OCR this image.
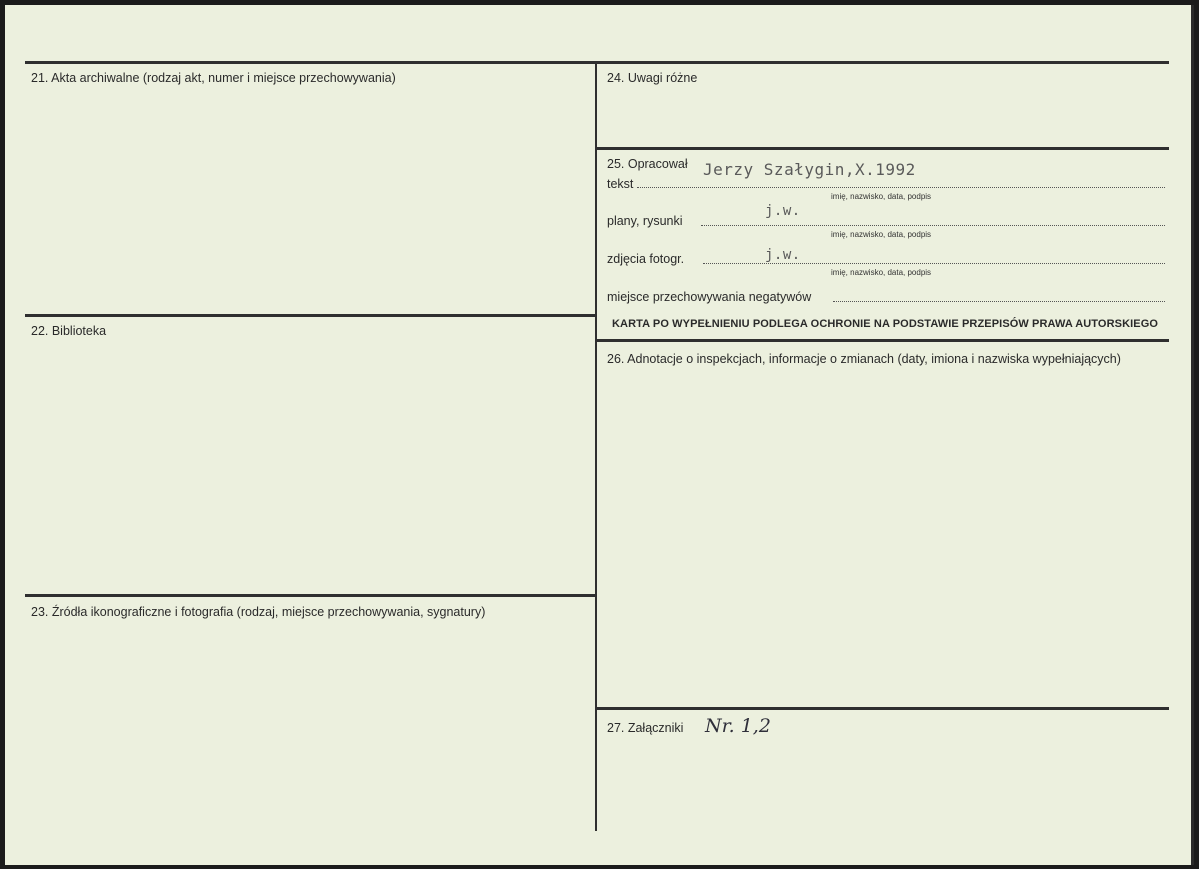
21. Akta archiwalne (rodzaj akt, numer i miejsce przechowywania)
22. Biblioteka
23. Źródła ikonograficzne i fotografia (rodzaj, miejsce przechowywania, sygnatury)
24. Uwagi różne
25. Opracował Jerzy Szałygin,X.1992
tekst
imię, nazwisko, data, podpis
plany, rysunki
j.w.
imię, nazwisko, data, podpis
zdjęcia fotogr.	j.w.
imię, nazwisko, data, podpis
miejsce przechowywania negatywów
KARTA PO WYPEŁNIENIU PODLEGA OCHRONIE NA PODSTAWIE PRZEPISÓW PRAWA AUTORSKIEGO
26. Adnotacje o inspekcjach, informacje o zmianach (daty, imiona i nazwiska wypełniających)
27. Załączniki Nr. 1,2
